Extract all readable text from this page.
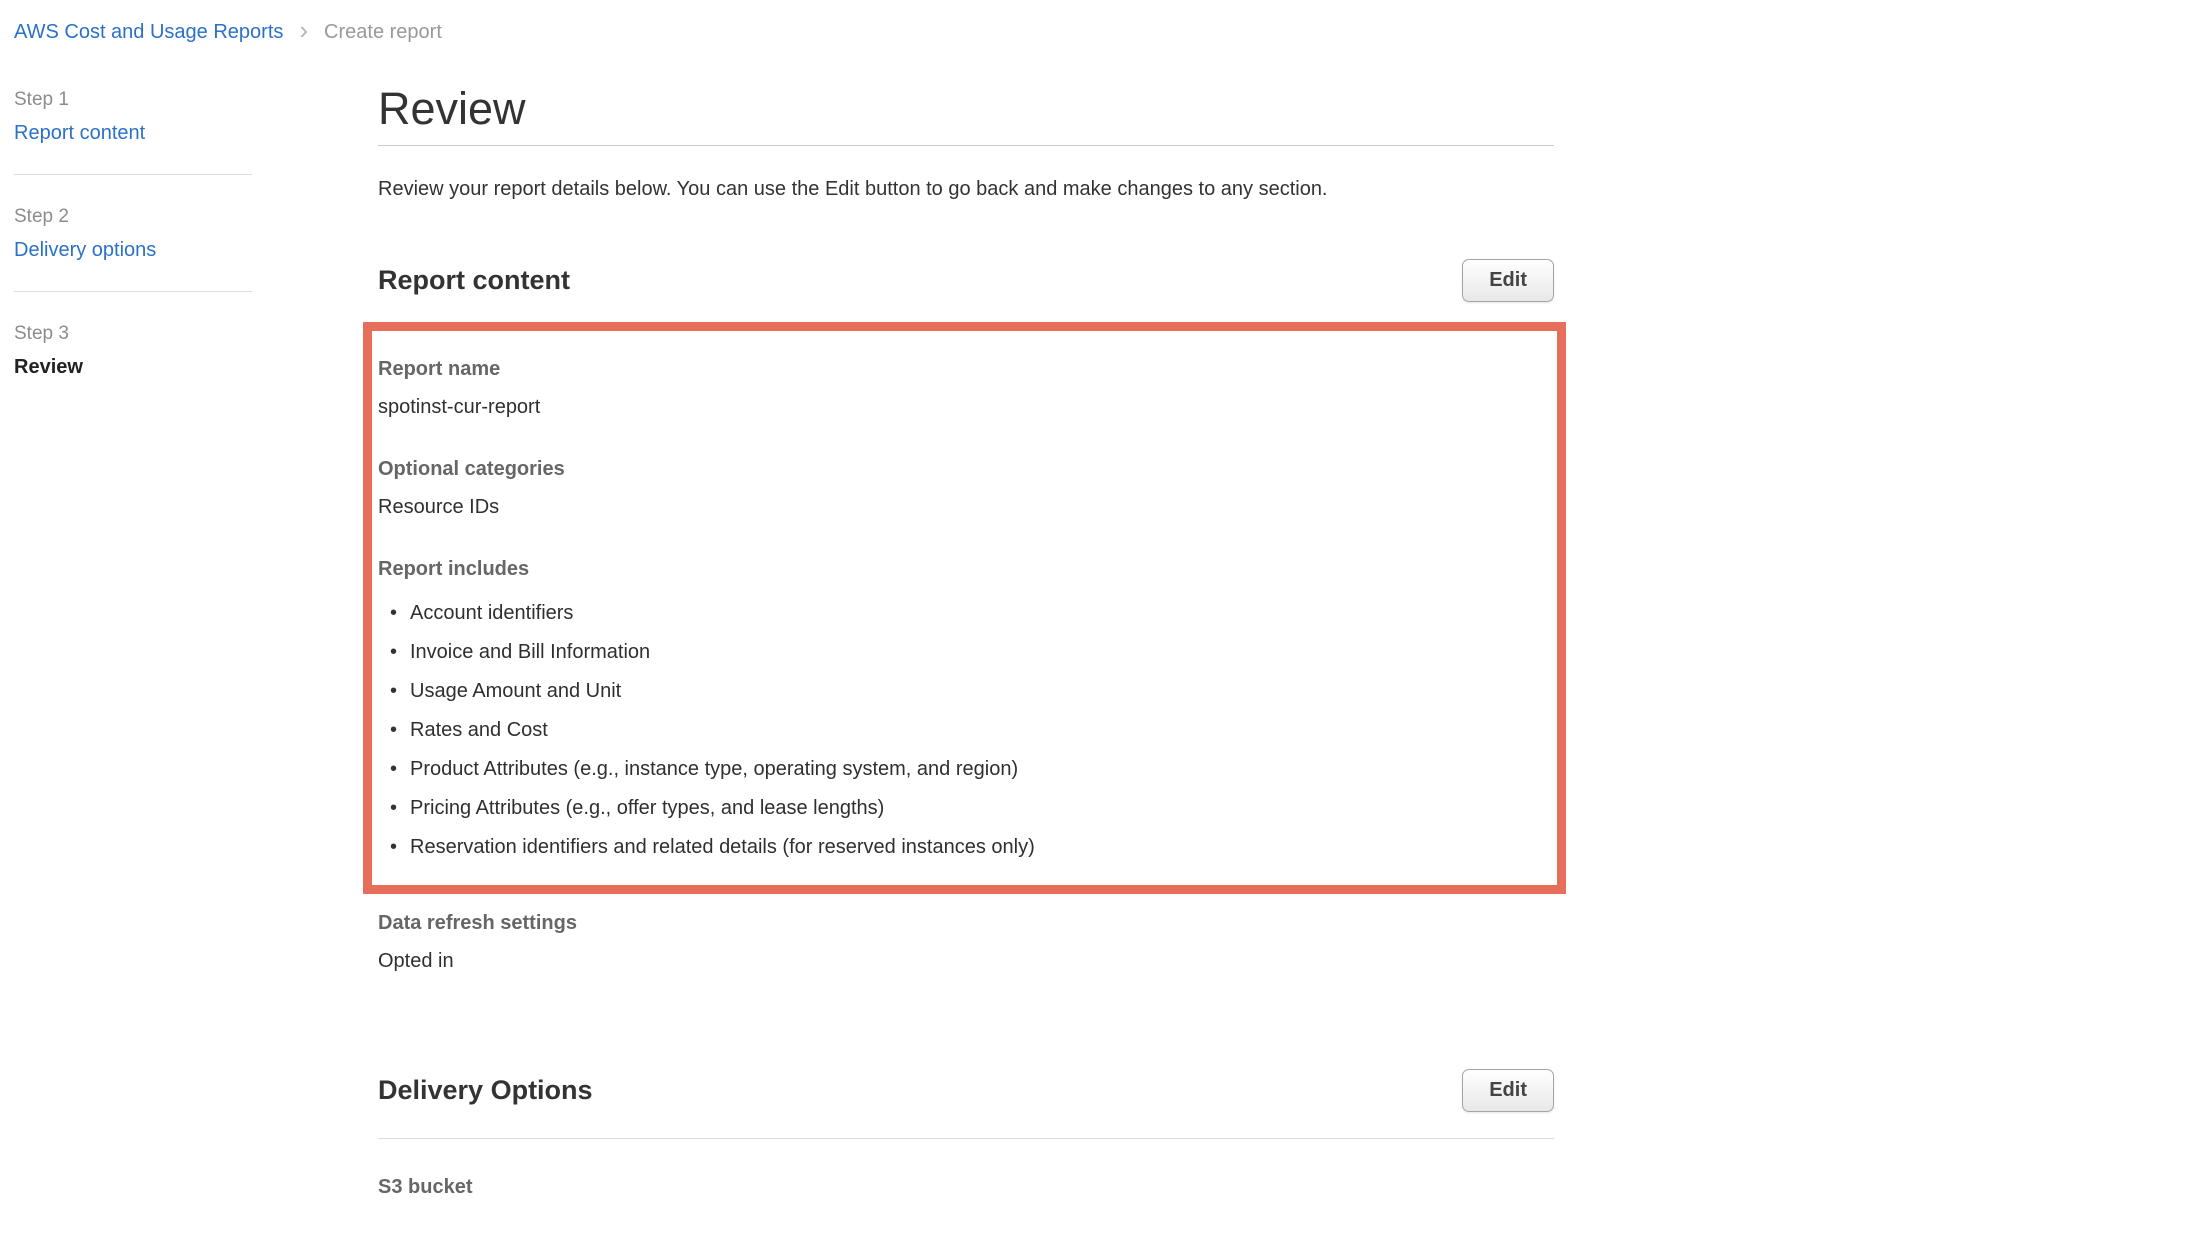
AWS Cost and Usage Reports › Create report
Step 1
Report content
Step 2
Delivery options
Step 3
Review
Review

Review your report details below. You can use the Edit button to go back and make changes to any section.

Report content	Edit
Report name
spotinst-cur-report
Optional categories
Resource IDs
Report includes
• Account identifiers
• Invoice and Bill Information
• Usage Amount and Unit
• Rates and Cost
• Product Attributes (e.g., instance type, operating system, and region)
• Pricing Attributes (e.g., offer types, and lease lengths)
• Reservation identifiers and related details (for reserved instances only)
Data refresh settings
Opted in
Delivery Options	Edit
S3 bucket
